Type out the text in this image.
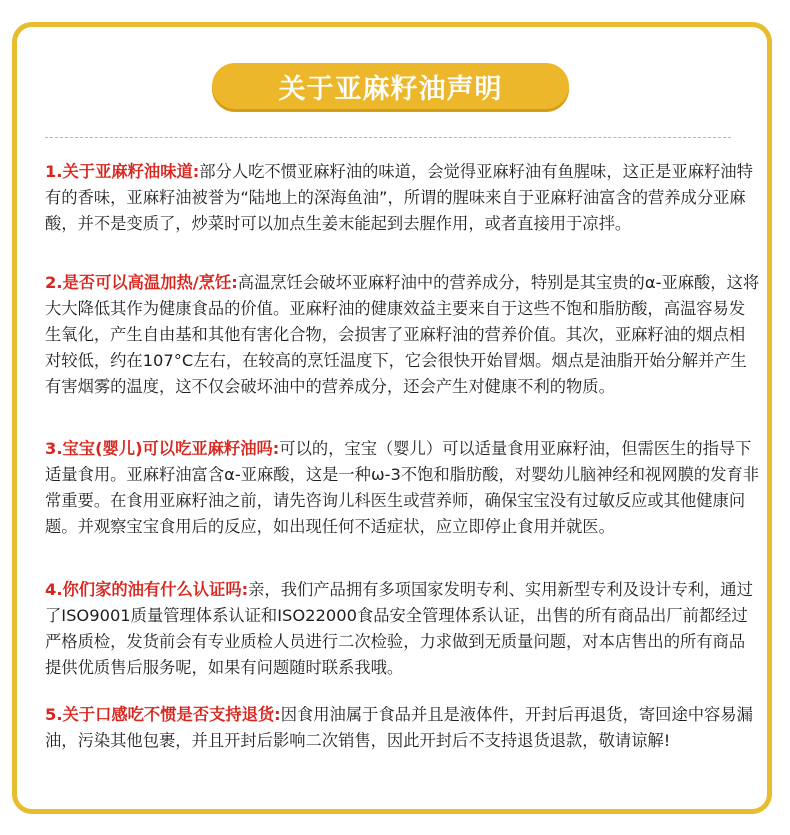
关于亚麻籽油声明

1.关于亚麻籽油味道:部分人吃不惯亚麻籽油的味道，会觉得亚麻籽油有鱼腥味，这正是亚麻籽油特有的香味，亚麻籽油被誉为“陆地上的深海鱼油”，所谓的腥味来自于亚麻籽油富含的营养成分亚麻酸，并不是变质了，炒菜时可以加点生姜末能起到去腥作用，或者直接用于凉拌。

2.是否可以高温加热/烹饪:高温烹饪会破坏亚麻籽油中的营养成分，特别是其宝贵的α-亚麻酸，这将大大降低其作为健康食品的价值。亚麻籽油的健康效益主要来自于这些不饱和脂肪酸，高温容易发生氧化，产生自由基和其他有害化合物，会损害了亚麻籽油的营养价值。其次，亚麻籽油的烟点相对较低，约在107°C左右，在较高的烹饪温度下，它会很快开始冒烟。烟点是油脂开始分解并产生有害烟雾的温度，这不仅会破坏油中的营养成分，还会产生对健康不利的物质。

3.宝宝(婴儿)可以吃亚麻籽油吗:可以的，宝宝（婴儿）可以适量食用亚麻籽油，但需医生的指导下适量食用。亚麻籽油富含α-亚麻酸，这是一种ω-3不饱和脂肪酸，对婴幼儿脑神经和视网膜的发育非常重要。在食用亚麻籽油之前，请先咨询儿科医生或营养师，确保宝宝没有过敏反应或其他健康问题。并观察宝宝食用后的反应，如出现任何不适症状，应立即停止食用并就医。

4.你们家的油有什么认证吗:亲，我们产品拥有多项国家发明专利、实用新型专利及设计专利，通过了ISO9001质量管理体系认证和ISO22000食品安全管理体系认证，出售的所有商品出厂前都经过严格质检，发货前会有专业质检人员进行二次检验，力求做到无质量问题，对本店售出的所有商品提供优质售后服务呢，如果有问题随时联系我哦。

5.关于口感吃不惯是否支持退货:因食用油属于食品并且是液体件，开封后再退货，寄回途中容易漏油，污染其他包裹，并且开封后影响二次销售，因此开封后不支持退货退款，敬请谅解!
